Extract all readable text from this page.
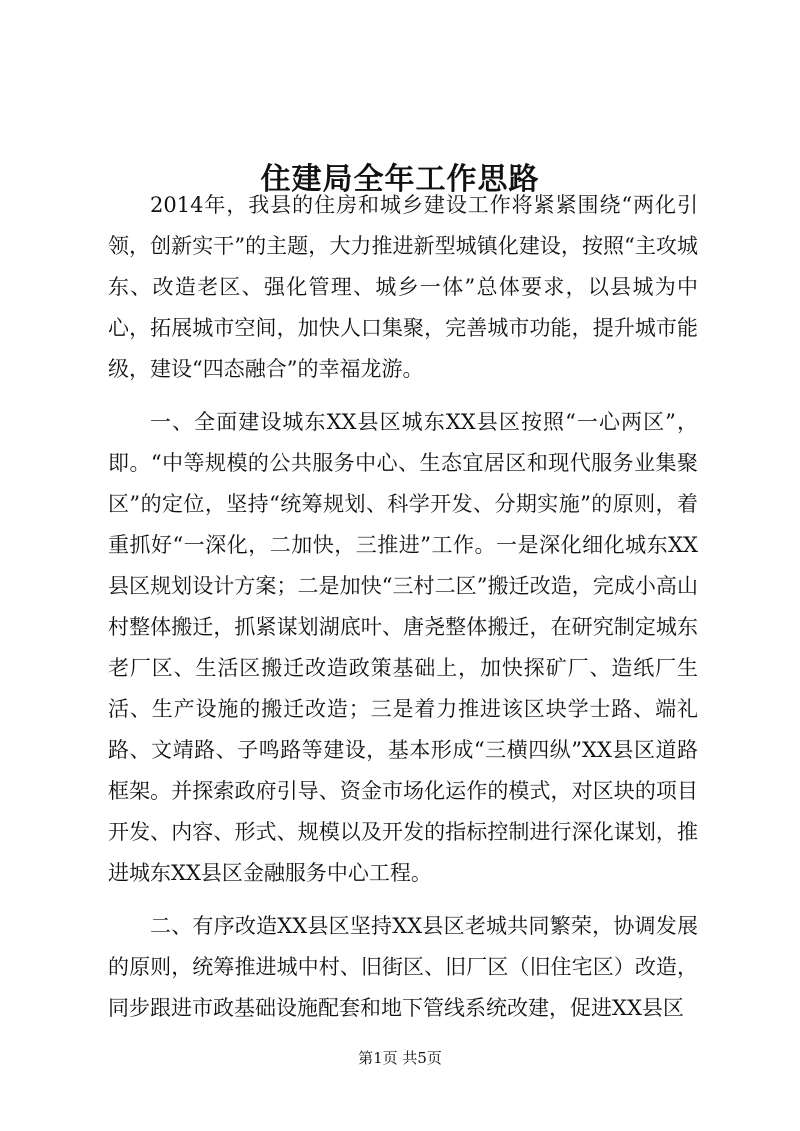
住建局全年工作思路

2014年，我县的住房和城乡建设工作将紧紧围绕“两化引领，创新实干”的主题，大力推进新型城镇化建设，按照“主攻城东、改造老区、强化管理、城乡一体”总体要求，以县城为中心，拓展城市空间，加快人口集聚，完善城市功能，提升城市能级，建设“四态融合”的幸福龙游。

一、全面建设城东XX县区城东XX县区按照“一心两区”，即。“中等规模的公共服务中心、生态宜居区和现代服务业集聚区”的定位，坚持“统筹规划、科学开发、分期实施”的原则，着重抓好“一深化，二加快，三推进”工作。一是深化细化城东XX县区规划设计方案；二是加快“三村二区”搬迁改造，完成小高山村整体搬迁，抓紧谋划湖底叶、唐尧整体搬迁，在研究制定城东老厂区、生活区搬迁改造政策基础上，加快探矿厂、造纸厂生活、生产设施的搬迁改造；三是着力推进该区块学士路、端礼路、文靖路、子鸣路等建设，基本形成“三横四纵”XX县区道路框架。并探索政府引导、资金市场化运作的模式，对区块的项目开发、内容、形式、规模以及开发的指标控制进行深化谋划，推进城东XX县区金融服务中心工程。

二、有序改造XX县区坚持XX县区老城共同繁荣，协调发展的原则，统筹推进城中村、旧街区、旧厂区（旧住宅区）改造，同步跟进市政基础设施配套和地下管线系统改建，促进XX县区

第1页 共5页
